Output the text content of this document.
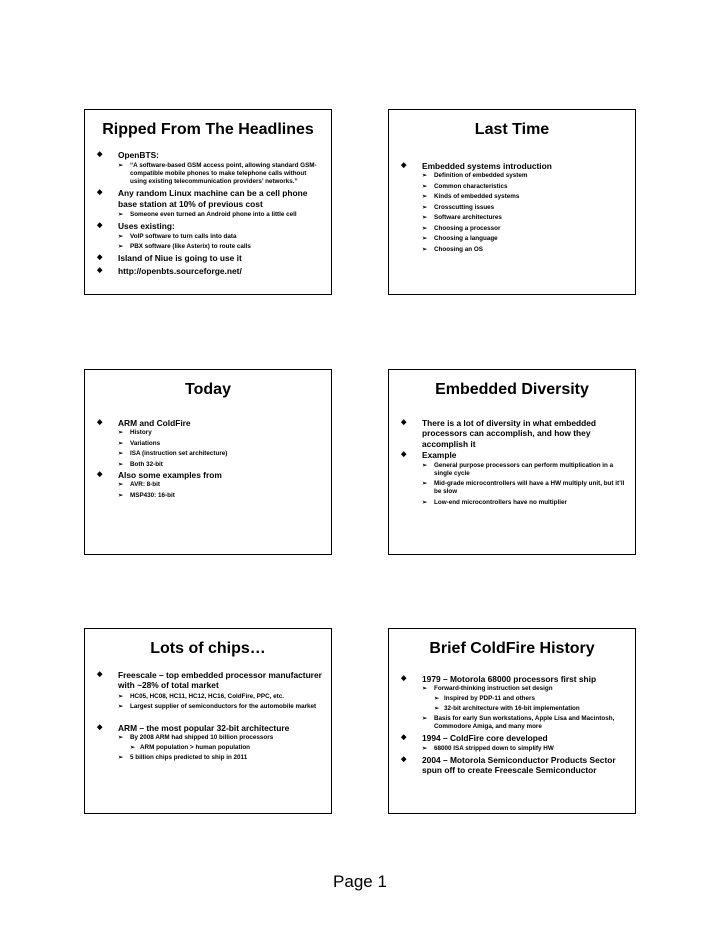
Ripped From The Headlines

◆ OpenBTS:

➢ “A software-based GSM access point, allowing standard GSM-compatible mobile phones to make telephone calls without using existing telecommunication providers’ networks.”

◆ Any random Linux machine can be a cell phone base station at 10% of previous cost

➢ Someone even turned an Android phone into a little cell

◆ Uses existing:

➢ VoIP software to turn calls into data

➢ PBX software (like Asterix) to route calls

◆ Island of Niue is going to use it

◆ http://openbts.sourceforge.net/

Last Time

◆ Embedded systems introduction

➢ Definition of embedded system

➢ Common characteristics

➢ Kinds of embedded systems

➢ Crosscutting issues

➢ Software architectures

➢ Choosing a processor

➢ Choosing a language

➢ Choosing an OS

Today

◆ ARM and ColdFire

➢ History

➢ Variations

➢ ISA (instruction set architecture)

➢ Both 32-bit

◆ Also some examples from

➢ AVR: 8-bit

➢ MSP430: 16-bit

Embedded Diversity

◆ There is a lot of diversity in what embedded processors can accomplish, and how they accomplish it

◆ Example

➢ General purpose processors can perform multiplication in a single cycle

➢ Mid-grade microcontrollers will have a HW multiply unit, but it’ll be slow

➢ Low-end microcontrollers have no multiplier

Lots of chips…

◆ Freescale – top embedded processor manufacturer with ~28% of total market

➢ HC05, HC08, HC11, HC12, HC16, ColdFire, PPC, etc.

➢ Largest supplier of semiconductors for the automobile market

◆ ARM – the most popular 32-bit architecture

➢ By 2008 ARM had shipped 10 billion processors

➢ ARM population > human population

➢ 5 billion chips predicted to ship in 2011

Brief ColdFire History

◆ 1979 – Motorola 68000 processors first ship

➢ Forward-thinking instruction set design

➢ Inspired by PDP-11 and others

➢ 32-bit architecture with 16-bit implementation

➢ Basis for early Sun workstations, Apple Lisa and Macintosh, Commodore Amiga, and many more

◆ 1994 – ColdFire core developed

➢ 68000 ISA stripped down to simplify HW

◆ 2004 – Motorola Semiconductor Products Sector spun off to create Freescale Semiconductor

Page 1
